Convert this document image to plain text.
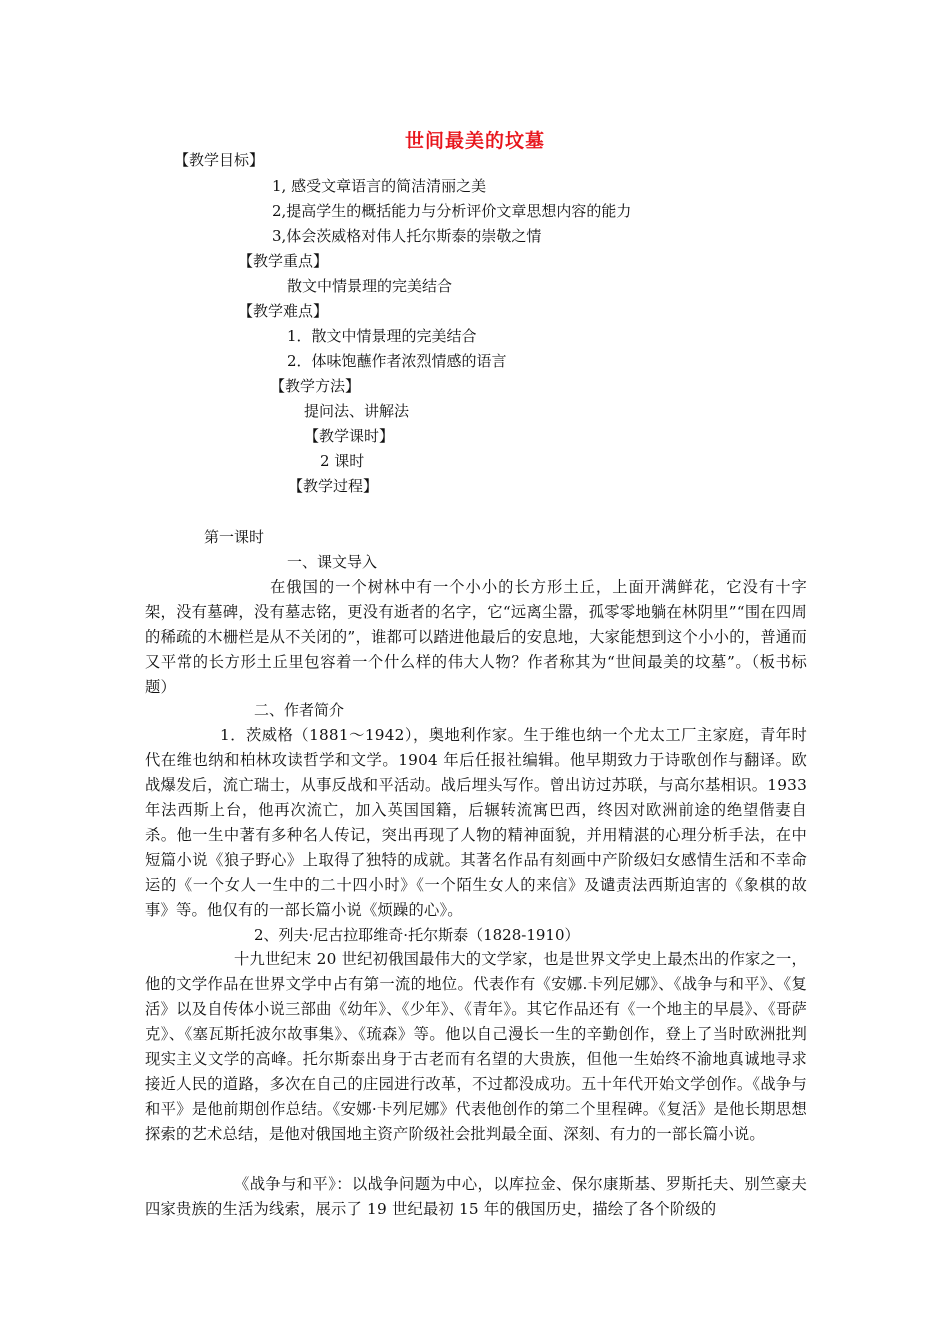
世间最美的坟墓
【教学目标】
1, 感受文章语言的简洁清丽之美
2,提高学生的概括能力与分析评价文章思想内容的能力
3,体会茨威格对伟人托尔斯泰的崇敬之情
【教学重点】
散文中情景理的完美结合
【教学难点】
1．散文中情景理的完美结合
2．体味饱蘸作者浓烈情感的语言
【教学方法】
提问法、讲解法
【教学课时】
2 课时
【教学过程】
第一课时
一、课文导入
在俄国的一个树林中有一个小小的长方形土丘，上面开满鲜花，它没有十字架，没有墓碑，没有墓志铭，更没有逝者的名字，它“远离尘嚣，孤零零地躺在林阴里”“围在四周的稀疏的木栅栏是从不关闭的”，谁都可以踏进他最后的安息地，大家能想到这个小小的，普通而又平常的长方形土丘里包容着一个什么样的伟大人物？作者称其为“世间最美的坟墓”。（板书标题）
二、作者简介
1．茨威格（1881～1942），奥地利作家。生于维也纳一个尤太工厂主家庭，青年时代在维也纳和柏林攻读哲学和文学。1904 年后任报社编辑。他早期致力于诗歌创作与翻译。欧战爆发后，流亡瑞士，从事反战和平活动。战后埋头写作。曾出访过苏联，与高尔基相识。1933 年法西斯上台，他再次流亡，加入英国国籍，后辗转流寓巴西，终因对欧洲前途的绝望偕妻自杀。他一生中著有多种名人传记，突出再现了人物的精神面貌，并用精湛的心理分析手法，在中短篇小说《狼子野心》上取得了独特的成就。其著名作品有刻画中产阶级妇女感情生活和不幸命运的《一个女人一生中的二十四小时》《一个陌生女人的来信》及谴责法西斯迫害的《象棋的故事》等。他仅有的一部长篇小说《烦躁的心》。
2、列夫·尼古拉耶维奇·托尔斯泰（1828-1910）
十九世纪末 20 世纪初俄国最伟大的文学家，也是世界文学史上最杰出的作家之一，他的文学作品在世界文学中占有第一流的地位。代表作有《安娜.卡列尼娜》、《战争与和平》、《复活》以及自传体小说三部曲《幼年》、《少年》、《青年》。其它作品还有《一个地主的早晨》、《哥萨克》、《塞瓦斯托波尔故事集》、《琉森》等。他以自己漫长一生的辛勤创作，登上了当时欧洲批判现实主义文学的高峰。托尔斯泰出身于古老而有名望的大贵族，但他一生始终不渝地真诚地寻求接近人民的道路，多次在自己的庄园进行改革，不过都没成功。五十年代开始文学创作。《战争与和平》是他前期创作总结。《安娜·卡列尼娜》代表他创作的第二个里程碑。《复活》是他长期思想探索的艺术总结，是他对俄国地主资产阶级社会批判最全面、深刻、有力的一部长篇小说。
《战争与和平》：以战争问题为中心，以库拉金、保尔康斯基、罗斯托夫、别竺豪夫四家贵族的生活为线索，展示了 19 世纪最初 15 年的俄国历史，描绘了各个阶级的
